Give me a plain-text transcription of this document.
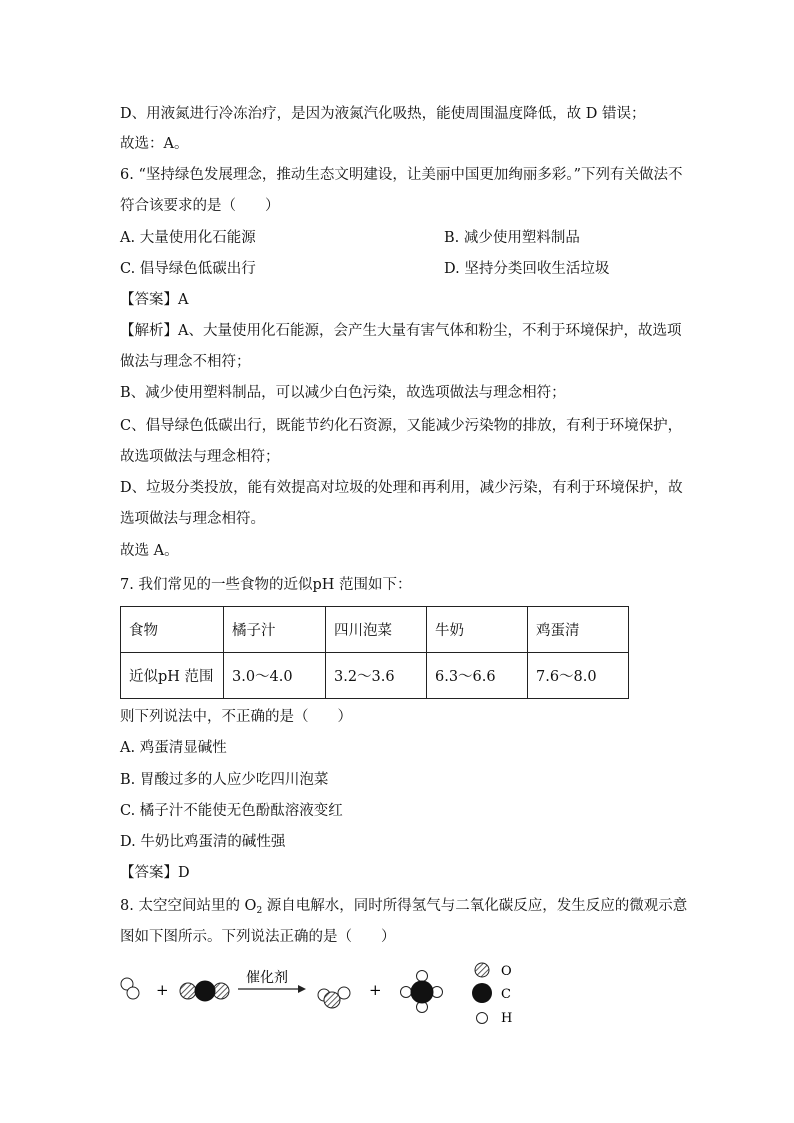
D、用液氮进行冷冻治疗，是因为液氮汽化吸热，能使周围温度降低，故 D 错误；
故选：A。
6. “坚持绿色发展理念，推动生态文明建设，让美丽中国更加绚丽多彩。”下列有关做法不
符合该要求的是（　　）
A. 大量使用化石能源	B. 减少使用塑料制品
C. 倡导绿色低碳出行	D. 坚持分类回收生活垃圾
【答案】A
【解析】A、大量使用化石能源，会产生大量有害气体和粉尘，不利于环境保护，故选项
做法与理念不相符；
B、减少使用塑料制品，可以减少白色污染，故选项做法与理念相符；
C、倡导绿色低碳出行，既能节约化石资源，又能减少污染物的排放，有利于环境保护，
故选项做法与理念相符；
D、垃圾分类投放，能有效提高对垃圾的处理和再利用，减少污染，有利于环境保护，故
选项做法与理念相符。
故选 A。
7. 我们常见的一些食物的近似pH 范围如下：
食物	橘子汁	四川泡菜	牛奶	鸡蛋清
近似pH 范围	3.0～4.0	3.2～3.6	6.3～6.6	7.6～8.0
则下列说法中，不正确的是（　　）
A. 鸡蛋清显碱性
B. 胃酸过多的人应少吃四川泡菜
C. 橘子汁不能使无色酚酞溶液变红
D. 牛奶比鸡蛋清的碱性强
【答案】D
8. 太空空间站里的 $O_2$ 源自电解水，同时所得氢气与二氧化碳反应，发生反应的微观示意
图如下图所示。下列说法正确的是（　　）
+
催化剂
+
O
C
H
